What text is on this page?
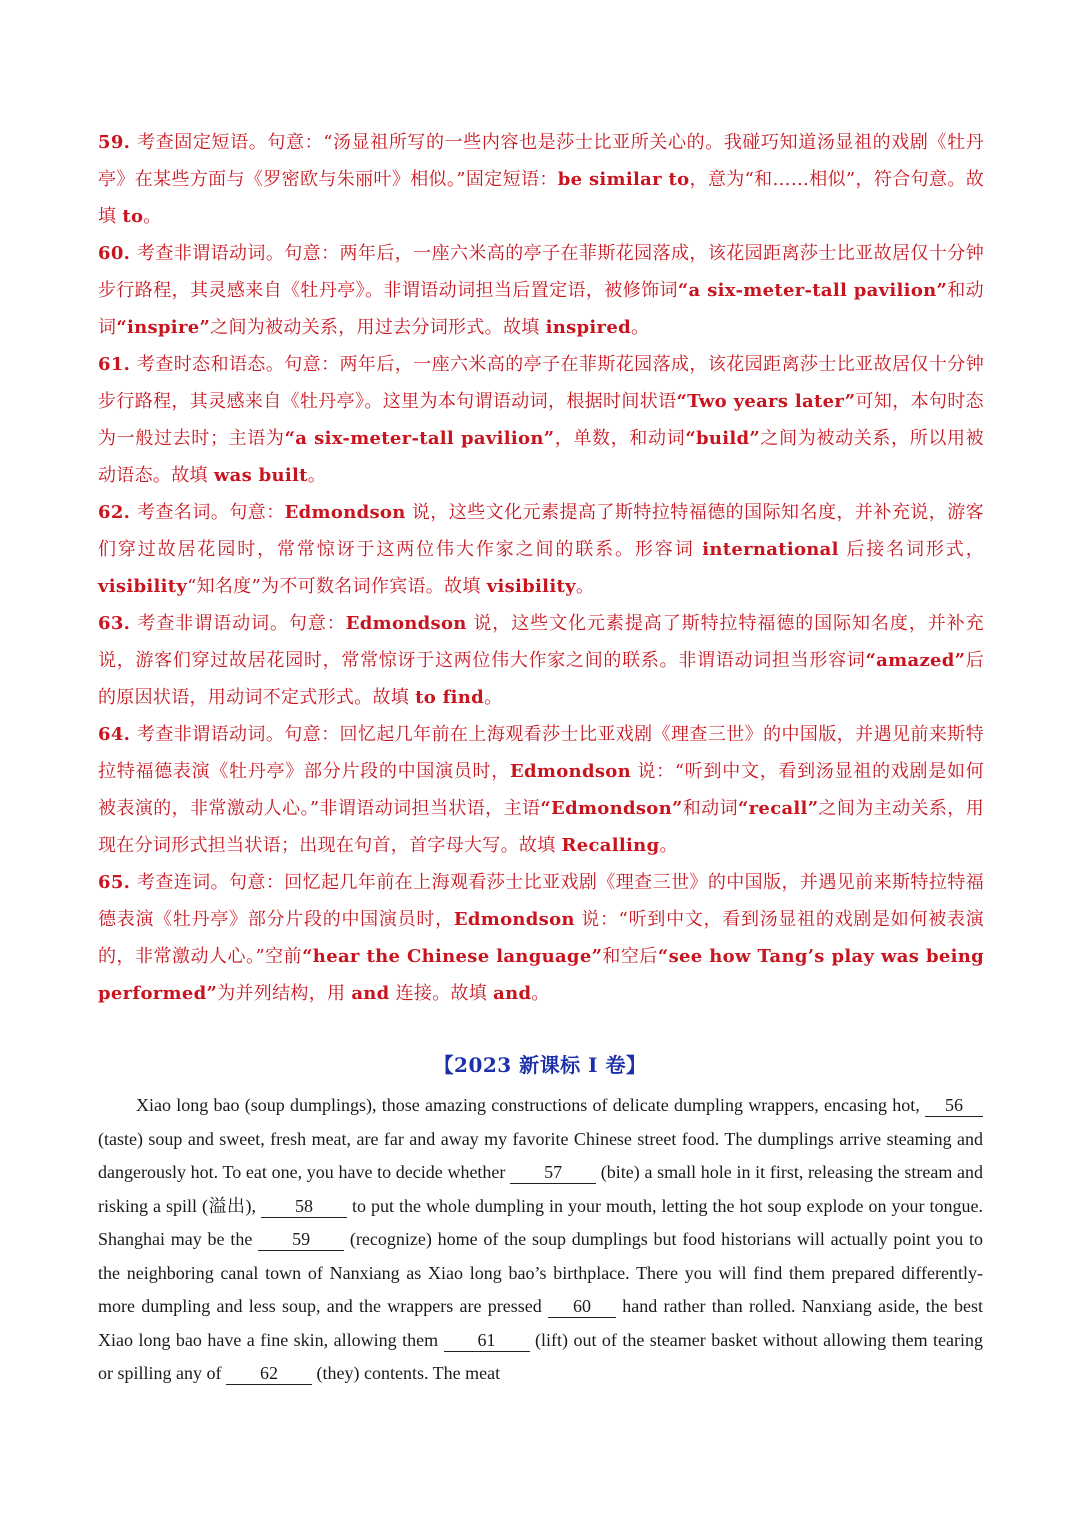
59. 考查固定短语。句意：“汤显祖所写的一些内容也是莎士比亚所关心的。我碰巧知道汤显祖的戏剧《牡丹亭》在某些方面与《罗密欧与朱丽叶》相似。”固定短语：be similar to，意为“和……相似”，符合句意。故填 to。

60. 考查非谓语动词。句意：两年后，一座六米高的亭子在菲斯花园落成，该花园距离莎士比亚故居仅十分钟步行路程，其灵感来自《牡丹亭》。非谓语动词担当后置定语，被修饰词“a six-meter-tall pavilion”和动词“inspire”之间为被动关系，用过去分词形式。故填 inspired。

61. 考查时态和语态。句意：两年后，一座六米高的亭子在菲斯花园落成，该花园距离莎士比亚故居仅十分钟步行路程，其灵感来自《牡丹亭》。这里为本句谓语动词，根据时间状语“Two years later”可知，本句时态为一般过去时；主语为“a six-meter-tall pavilion”，单数，和动词“build”之间为被动关系，所以用被动语态。故填 was built。

62. 考查名词。句意：Edmondson 说，这些文化元素提高了斯特拉特福德的国际知名度，并补充说，游客们穿过故居花园时，常常惊讶于这两位伟大作家之间的联系。形容词 international 后接名词形式，visibility“知名度”为不可数名词作宾语。故填 visibility。

63. 考查非谓语动词。句意：Edmondson 说，这些文化元素提高了斯特拉特福德的国际知名度，并补充说，游客们穿过故居花园时，常常惊讶于这两位伟大作家之间的联系。非谓语动词担当形容词“amazed”后的原因状语，用动词不定式形式。故填 to find。

64. 考查非谓语动词。句意：回忆起几年前在上海观看莎士比亚戏剧《理查三世》的中国版，并遇见前来斯特拉特福德表演《牡丹亭》部分片段的中国演员时，Edmondson 说：“听到中文，看到汤显祖的戏剧是如何被表演的，非常激动人心。”非谓语动词担当状语，主语“Edmondson”和动词“recall”之间为主动关系，用现在分词形式担当状语；出现在句首，首字母大写。故填 Recalling。

65. 考查连词。句意：回忆起几年前在上海观看莎士比亚戏剧《理查三世》的中国版，并遇见前来斯特拉特福德表演《牡丹亭》部分片段的中国演员时，Edmondson 说：“听到中文，看到汤显祖的戏剧是如何被表演的，非常激动人心。”空前“hear the Chinese language”和空后“see how Tang’s play was being performed”为并列结构，用 and 连接。故填 and。

【2023 新课标 I 卷】

Xiao long bao (soup dumplings), those amazing constructions of delicate dumpling wrappers, encasing hot, 56 (taste) soup and sweet, fresh meat, are far and away my favorite Chinese street food. The dumplings arrive steaming and dangerously hot. To eat one, you have to decide whether 57 (bite) a small hole in it first, releasing the stream and risking a spill (溢出), 58 to put the whole dumpling in your mouth, letting the hot soup explode on your tongue. Shanghai may be the 59 (recognize) home of the soup dumplings but food historians will actually point you to the neighboring canal town of Nanxiang as Xiao long bao’s birthplace. There you will find them prepared differently- more dumpling and less soup, and the wrappers are pressed 60 hand rather than rolled. Nanxiang aside, the best Xiao long bao have a fine skin, allowing them 61 (lift) out of the steamer basket without allowing them tearing or spilling any of 62 (they) contents. The meat
